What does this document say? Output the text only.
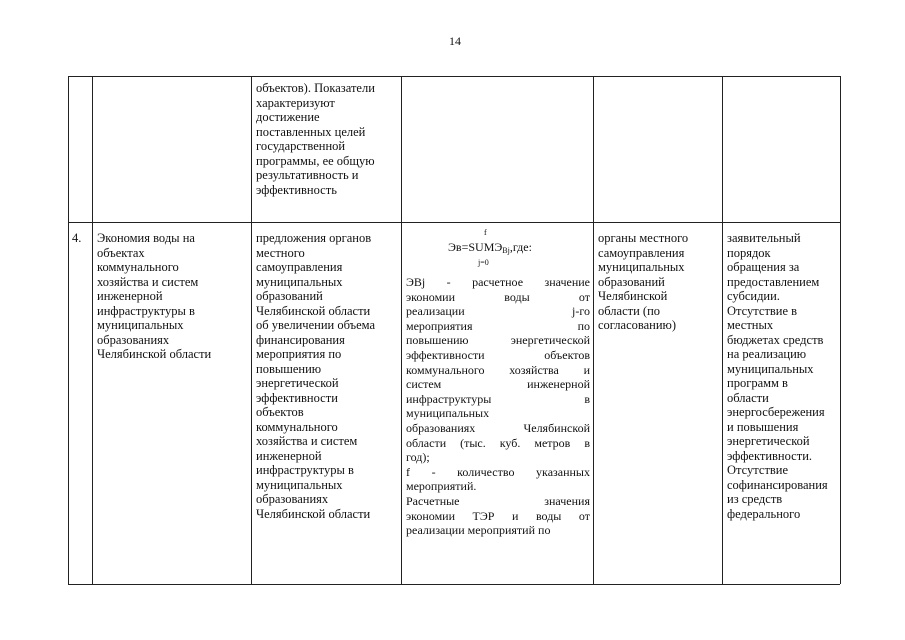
14

объектов). Показатели

характеризуют

достижение

поставленных целей

государственной

программы, ее общую

результативность и

эффективность

4. Экономия воды на

объектах

коммунального

хозяйства и систем

инженерной

инфраструктуры в

муниципальных

образованиях

Челябинской области

предложения органов

местного

самоуправления

муниципальных

образований

Челябинской области

об увеличении объема

финансирования

мероприятия по

повышению

энергетической

эффективности

объектов

коммунального

хозяйства и систем

инженерной

инфраструктуры в

муниципальных

образованиях

Челябинской области

f
Эв=SUMЭBj,где:
j=0

ЭBj - расчетное значение

экономии воды от

реализации j-го

мероприятия по

повышению энергетической

эффективности объектов

коммунального хозяйства и

систем инженерной

инфраструктуры в

муниципальных

образованиях Челябинской

области (тыс. куб. метров в

год);

f - количество указанных

мероприятий.

Расчетные значения

экономии ТЭР и воды от

реализации мероприятий по

органы местного

самоуправления

муниципальных

образований

Челябинской

области (по

согласованию)

заявительный

порядок

обращения за

предоставлением

субсидии.

Отсутствие в

местных

бюджетах средств

на реализацию

муниципальных

программ в

области

энергосбережения

и повышения

энергетической

эффективности.

Отсутствие

софинансирования

из средств

федерального
